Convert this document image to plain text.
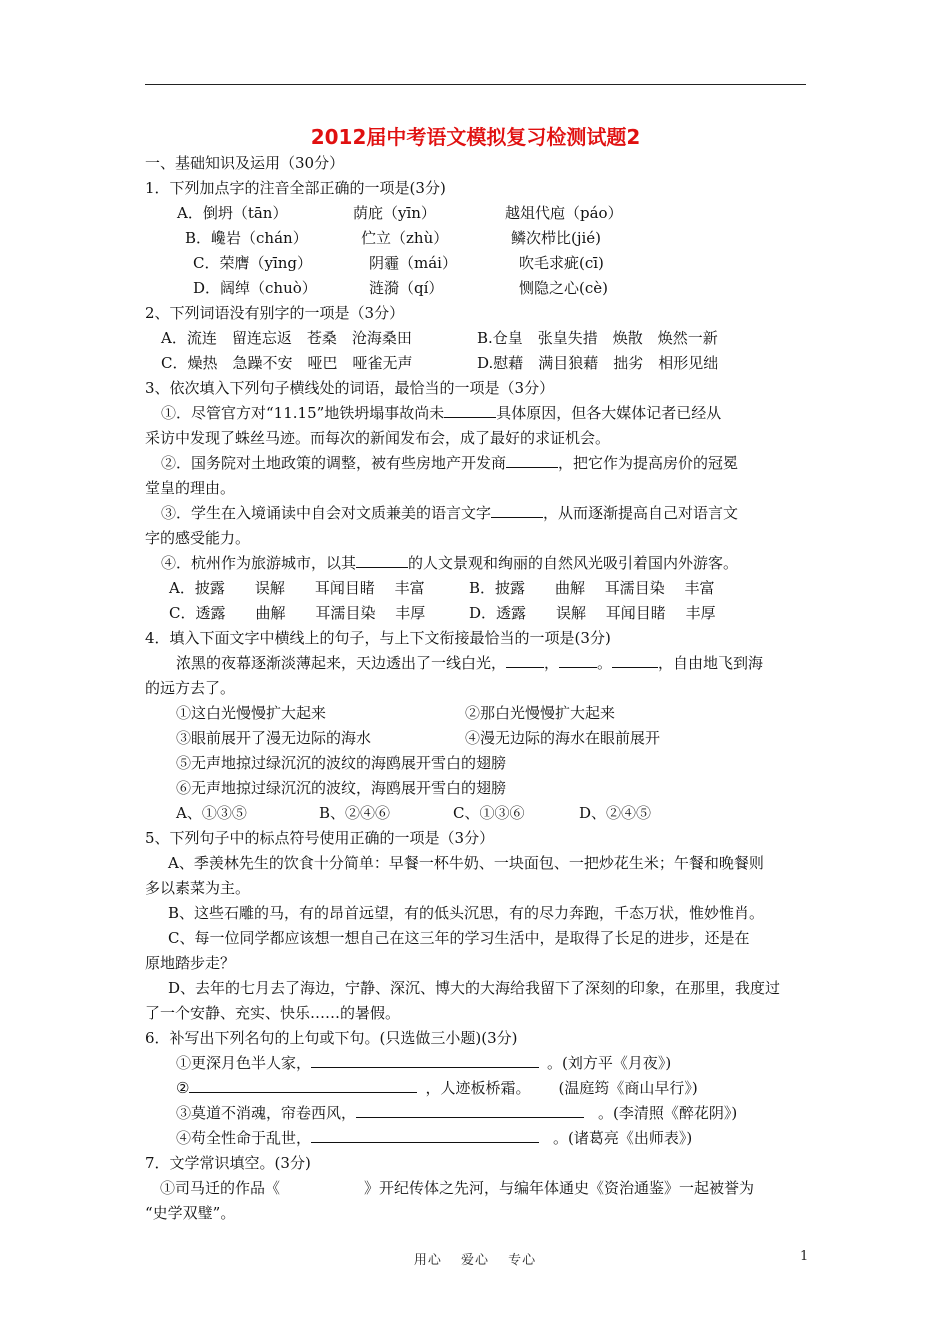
2012届中考语文模拟复习检测试题2
一、基础知识及运用（30分）
1．下列加点字的注音全部正确的一项是(3分)
A．倒坍（tān）	荫庇（yīn）	越俎代庖（páo）
B．巉岩（chán）	伫立（zhù）	鳞次栉比(jié)
C．荣膺（yīng）	阴霾（mái）	吹毛求疵(cī)
D．阔绰（chuò）	涟漪（qí）	恻隐之心(cè)
2、下列词语没有别字的一项是（3分）
A．流连　留连忘返　苍桑　沧海桑田	B.仓皇　张皇失措　焕散　焕然一新
C．燥热　急躁不安　哑巴　哑雀无声	D.慰藉　满目狼藉　拙劣　相形见绌
3、依次填入下列句子横线处的词语，最恰当的一项是（3分）
①．尽管官方对“11.15”地铁坍塌事故尚未	具体原因，但各大媒体记者已经从
采访中发现了蛛丝马迹。而每次的新闻发布会，成了最好的求证机会。
②．国务院对土地政策的调整，被有些房地产开发商	，把它作为提高房价的冠冕
堂皇的理由。
③．学生在入境诵读中自会对文质兼美的语言文字	，从而逐渐提高自己对语言文
字的感受能力。
④．杭州作为旅游城市，以其	的人文景观和绚丽的自然风光吸引着国内外游客。
A．披露　　误解　　耳闻目睹　 丰富	B．披露　　曲解　 耳濡目染　 丰富
C．透露　　曲解　　耳濡目染　 丰厚	D．透露　　误解　 耳闻目睹　 丰厚
4．填入下面文字中横线上的句子，与上下文衔接最恰当的一项是(3分)
浓黑的夜幕逐渐淡薄起来，天边透出了一线白光，	，	。	，自由地飞到海
的远方去了。
①这白光慢慢扩大起来	②那白光慢慢扩大起来
③眼前展开了漫无边际的海水	④漫无边际的海水在眼前展开
⑤无声地掠过绿沉沉的波纹的海鸥展开雪白的翅膀
⑥无声地掠过绿沉沉的波纹，海鸥展开雪白的翅膀
A、①③⑤	B、②④⑥	C、①③⑥	D、②④⑤
5、下列句子中的标点符号使用正确的一项是（3分）
A、季羡林先生的饮食十分简单：早餐一杯牛奶、一块面包、一把炒花生米；午餐和晚餐则
多以素菜为主。
B、这些石雕的马，有的昂首远望，有的低头沉思，有的尽力奔跑，千态万状，惟妙惟肖。
C、每一位同学都应该想一想自己在这三年的学习生活中，是取得了长足的进步，还是在
原地踏步走？
D、去年的七月去了海边，宁静、深沉、博大的大海给我留下了深刻的印象，在那里，我度过
了一个安静、充实、快乐……的暑假。
6．补写出下列名句的上句或下句。(只选做三小题)(3分)
①更深月色半人家，	。(刘方平《月夜》)
②	，人迹板桥霜。 (温庭筠《商山早行》)
③莫道不消魂，帘卷西风，	。(李清照《醉花阴》)
④苟全性命于乱世，	。(诸葛亮《出师表》)
7．文学常识填空。(3分)
①司马迁的作品《	》开纪传体之先河，与编年体通史《资治通鉴》一起被誉为
“史学双璧”。
用心　 爱心　 专心	1
